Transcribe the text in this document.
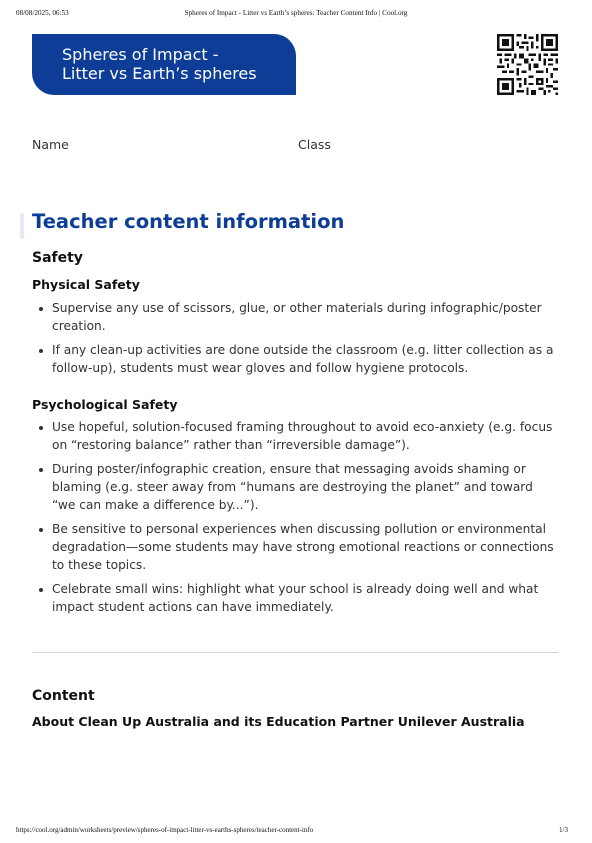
08/08/2025, 06:53	Spheres of Impact - Litter vs Earth’s spheres: Teacher Content Info | Cool.org
Spheres of Impact -
Litter vs Earth’s spheres
Name	Class
Teacher content information
Safety
Physical Safety
Supervise any use of scissors, glue, or other materials during infographic/poster creation.
If any clean-up activities are done outside the classroom (e.g. litter collection as a follow-up), students must wear gloves and follow hygiene protocols.
Psychological Safety
Use hopeful, solution-focused framing throughout to avoid eco-anxiety (e.g. focus on “restoring balance” rather than “irreversible damage”).
During poster/infographic creation, ensure that messaging avoids shaming or blaming (e.g. steer away from “humans are destroying the planet” and toward “we can make a difference by...”).
Be sensitive to personal experiences when discussing pollution or environmental degradation—some students may have strong emotional reactions or connections to these topics.
Celebrate small wins: highlight what your school is already doing well and what impact student actions can have immediately.
Content
About Clean Up Australia and its Education Partner Unilever Australia
https://cool.org/admin/worksheets/preview/spheres-of-impact-litter-vs-earths-spheres/teacher-content-info	1/3
